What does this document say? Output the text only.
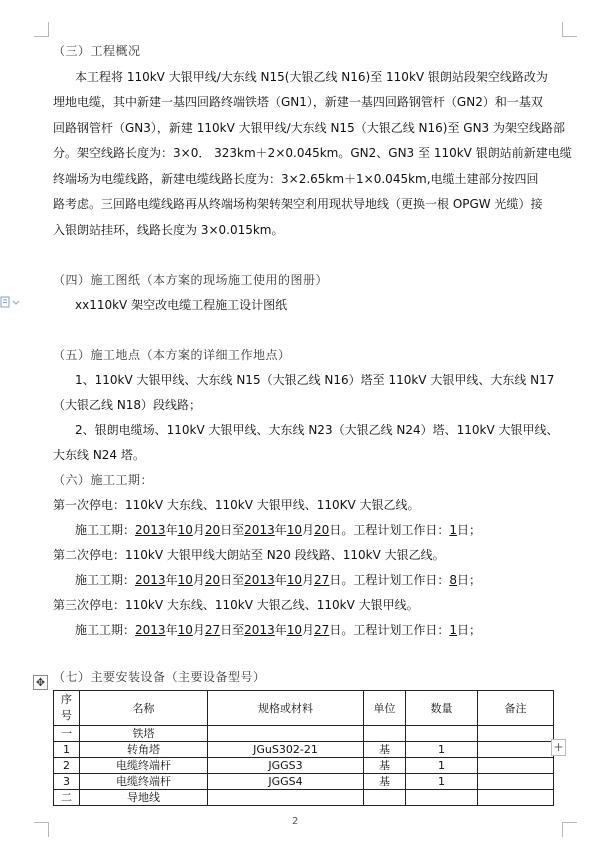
（三）工程概况
本工程将 110kV 大银甲线/大东线 N15(大银乙线 N16)至 110kV 银朗站段架空线路改为
埋地电缆，其中新建一基四回路终端铁塔（GN1），新建一基四回路钢管杆（GN2）和一基双
回路钢管杆（GN3），新建 110kV 大银甲线/大东线 N15（大银乙线 N16)至 GN3 为架空线路部
分。架空线路长度为：3×0． 323km＋2×0.045km。GN2、GN3 至 110kV 银朗站前新建电缆
终端场为电缆线路，新建电缆线路长度为：3×2.65km＋1×0.045km,电缆土建部分按四回
路考虑。三回路电缆线路再从终端场构架转架空利用现状导地线（更换一根 OPGW 光缆）接
入银朗站挂环，线路长度为 3×0.015km。
（四）施工图纸（本方案的现场施工使用的图册）
xx110kV 架空改电缆工程施工设计图纸
（五）施工地点（本方案的详细工作地点）
1、110kV 大银甲线、大东线 N15（大银乙线 N16）塔至 110kV 大银甲线、大东线 N17
（大银乙线 N18）段线路；
2、银朗电缆场、110kV 大银甲线、大东线 N23（大银乙线 N24）塔、110kV 大银甲线、
大东线 N24 塔。
（六）施工工期：
第一次停电：110kV 大东线、110kV 大银甲线、110KV 大银乙线。
施工工期：2013年10月20日至2013年10月20日。工程计划工作日：1日；
第二次停电：110kV 大银甲线大朗站至 N20 段线路、110kV 大银乙线。
施工工期：2013年10月20日至2013年10月27日。工程计划工作日：8日；
第三次停电：110kV 大东线、110kV 大银乙线、110kV 大银甲线。
施工工期：2013年10月27日至2013年10月27日。工程计划工作日：1日；
✥ （七）主要安装设备（主要设备型号）
序
号	名称	规格或材料	单位	数量	备注
一	铁塔				
1	转角塔	JGuS302-21	基	1	
2	电缆终端杆	JGGS3	基	1	
3	电缆终端杆	JGGS4	基	1	
二	导地线				
+
2
